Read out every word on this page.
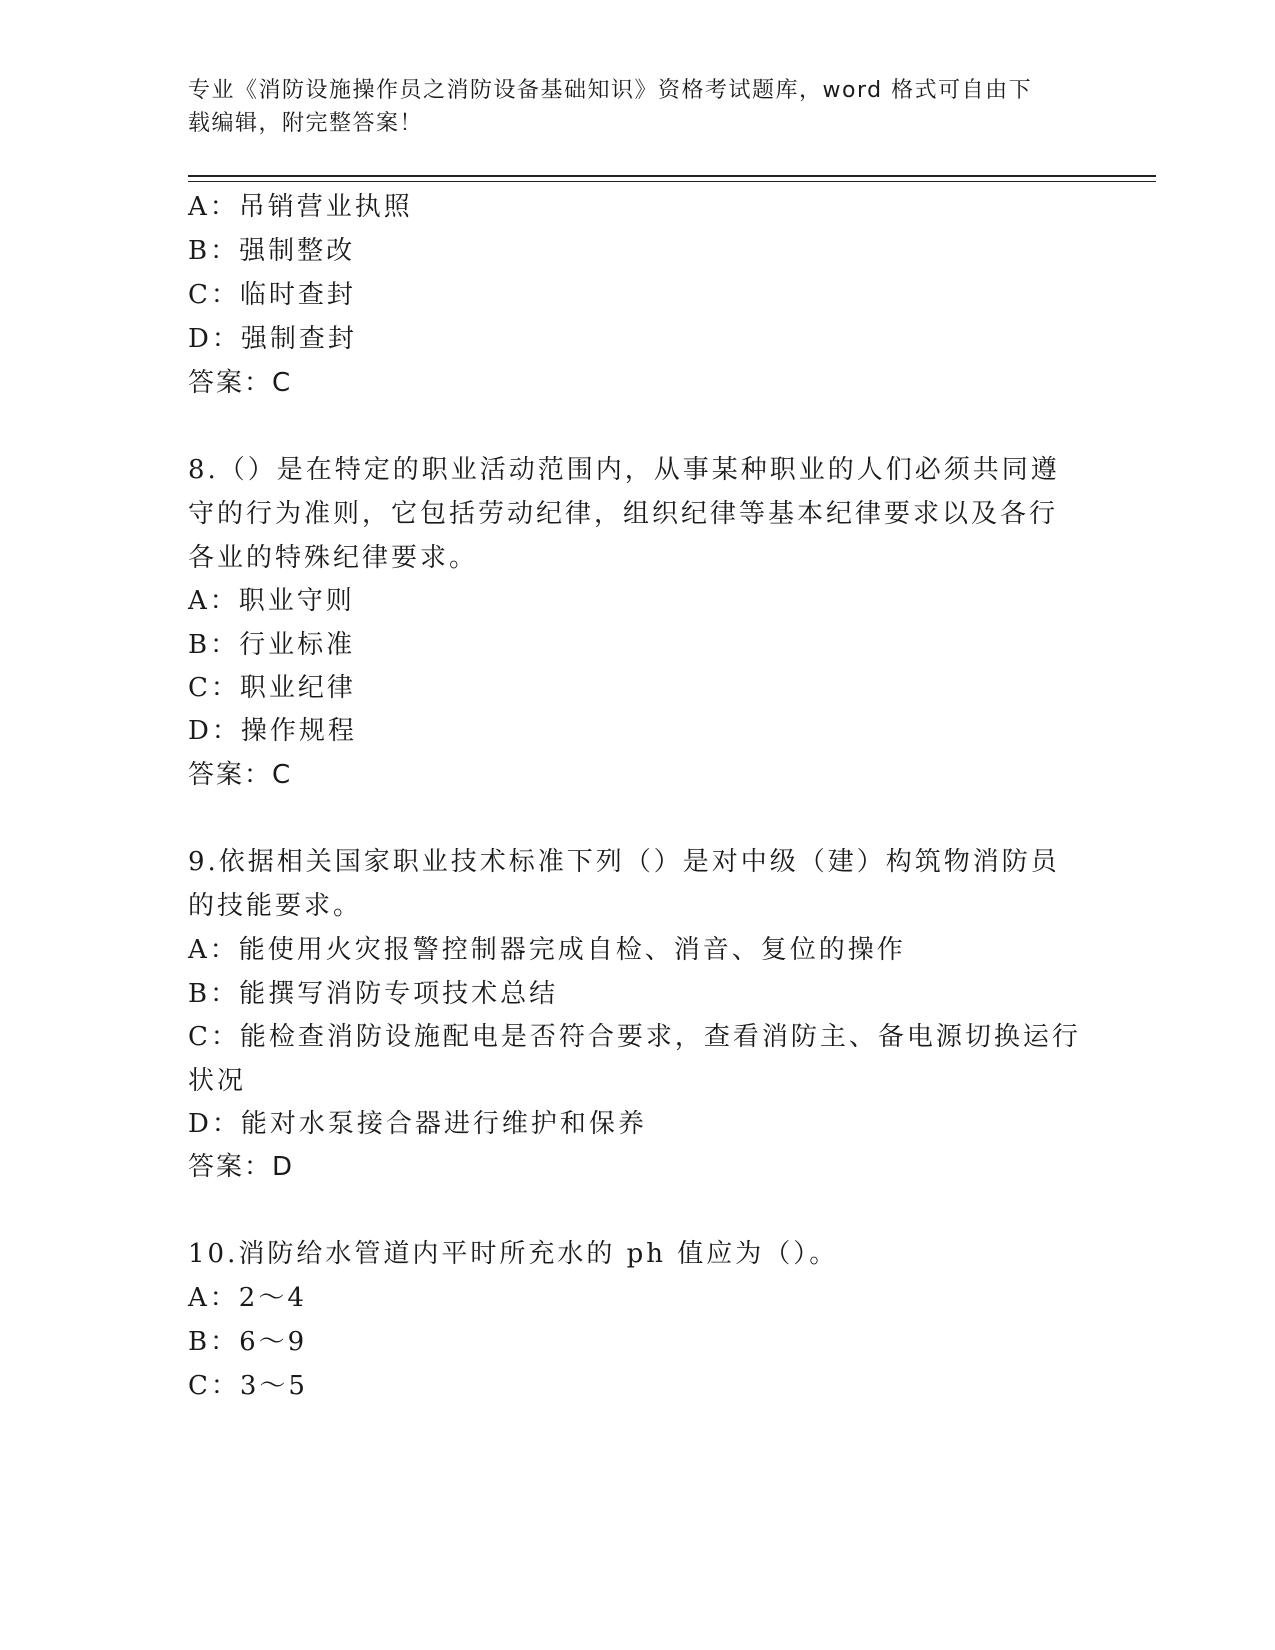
专业《消防设施操作员之消防设备基础知识》资格考试题库，word 格式可自由下
载编辑，附完整答案！
A：吊销营业执照
B：强制整改
C：临时查封
D：强制查封
答案：C
8.（）是在特定的职业活动范围内，从事某种职业的人们必须共同遵
守的行为准则，它包括劳动纪律，组织纪律等基本纪律要求以及各行
各业的特殊纪律要求。
A：职业守则
B：行业标准
C：职业纪律
D：操作规程
答案：C
9.依据相关国家职业技术标准下列（）是对中级（建）构筑物消防员
的技能要求。
A：能使用火灾报警控制器完成自检、消音、复位的操作
B：能撰写消防专项技术总结
C：能检查消防设施配电是否符合要求，查看消防主、备电源切换运行
状况
D：能对水泵接合器进行维护和保养
答案：D
10.消防给水管道内平时所充水的 ph 值应为（）。
A：2～4
B：6～9
C：3～5
